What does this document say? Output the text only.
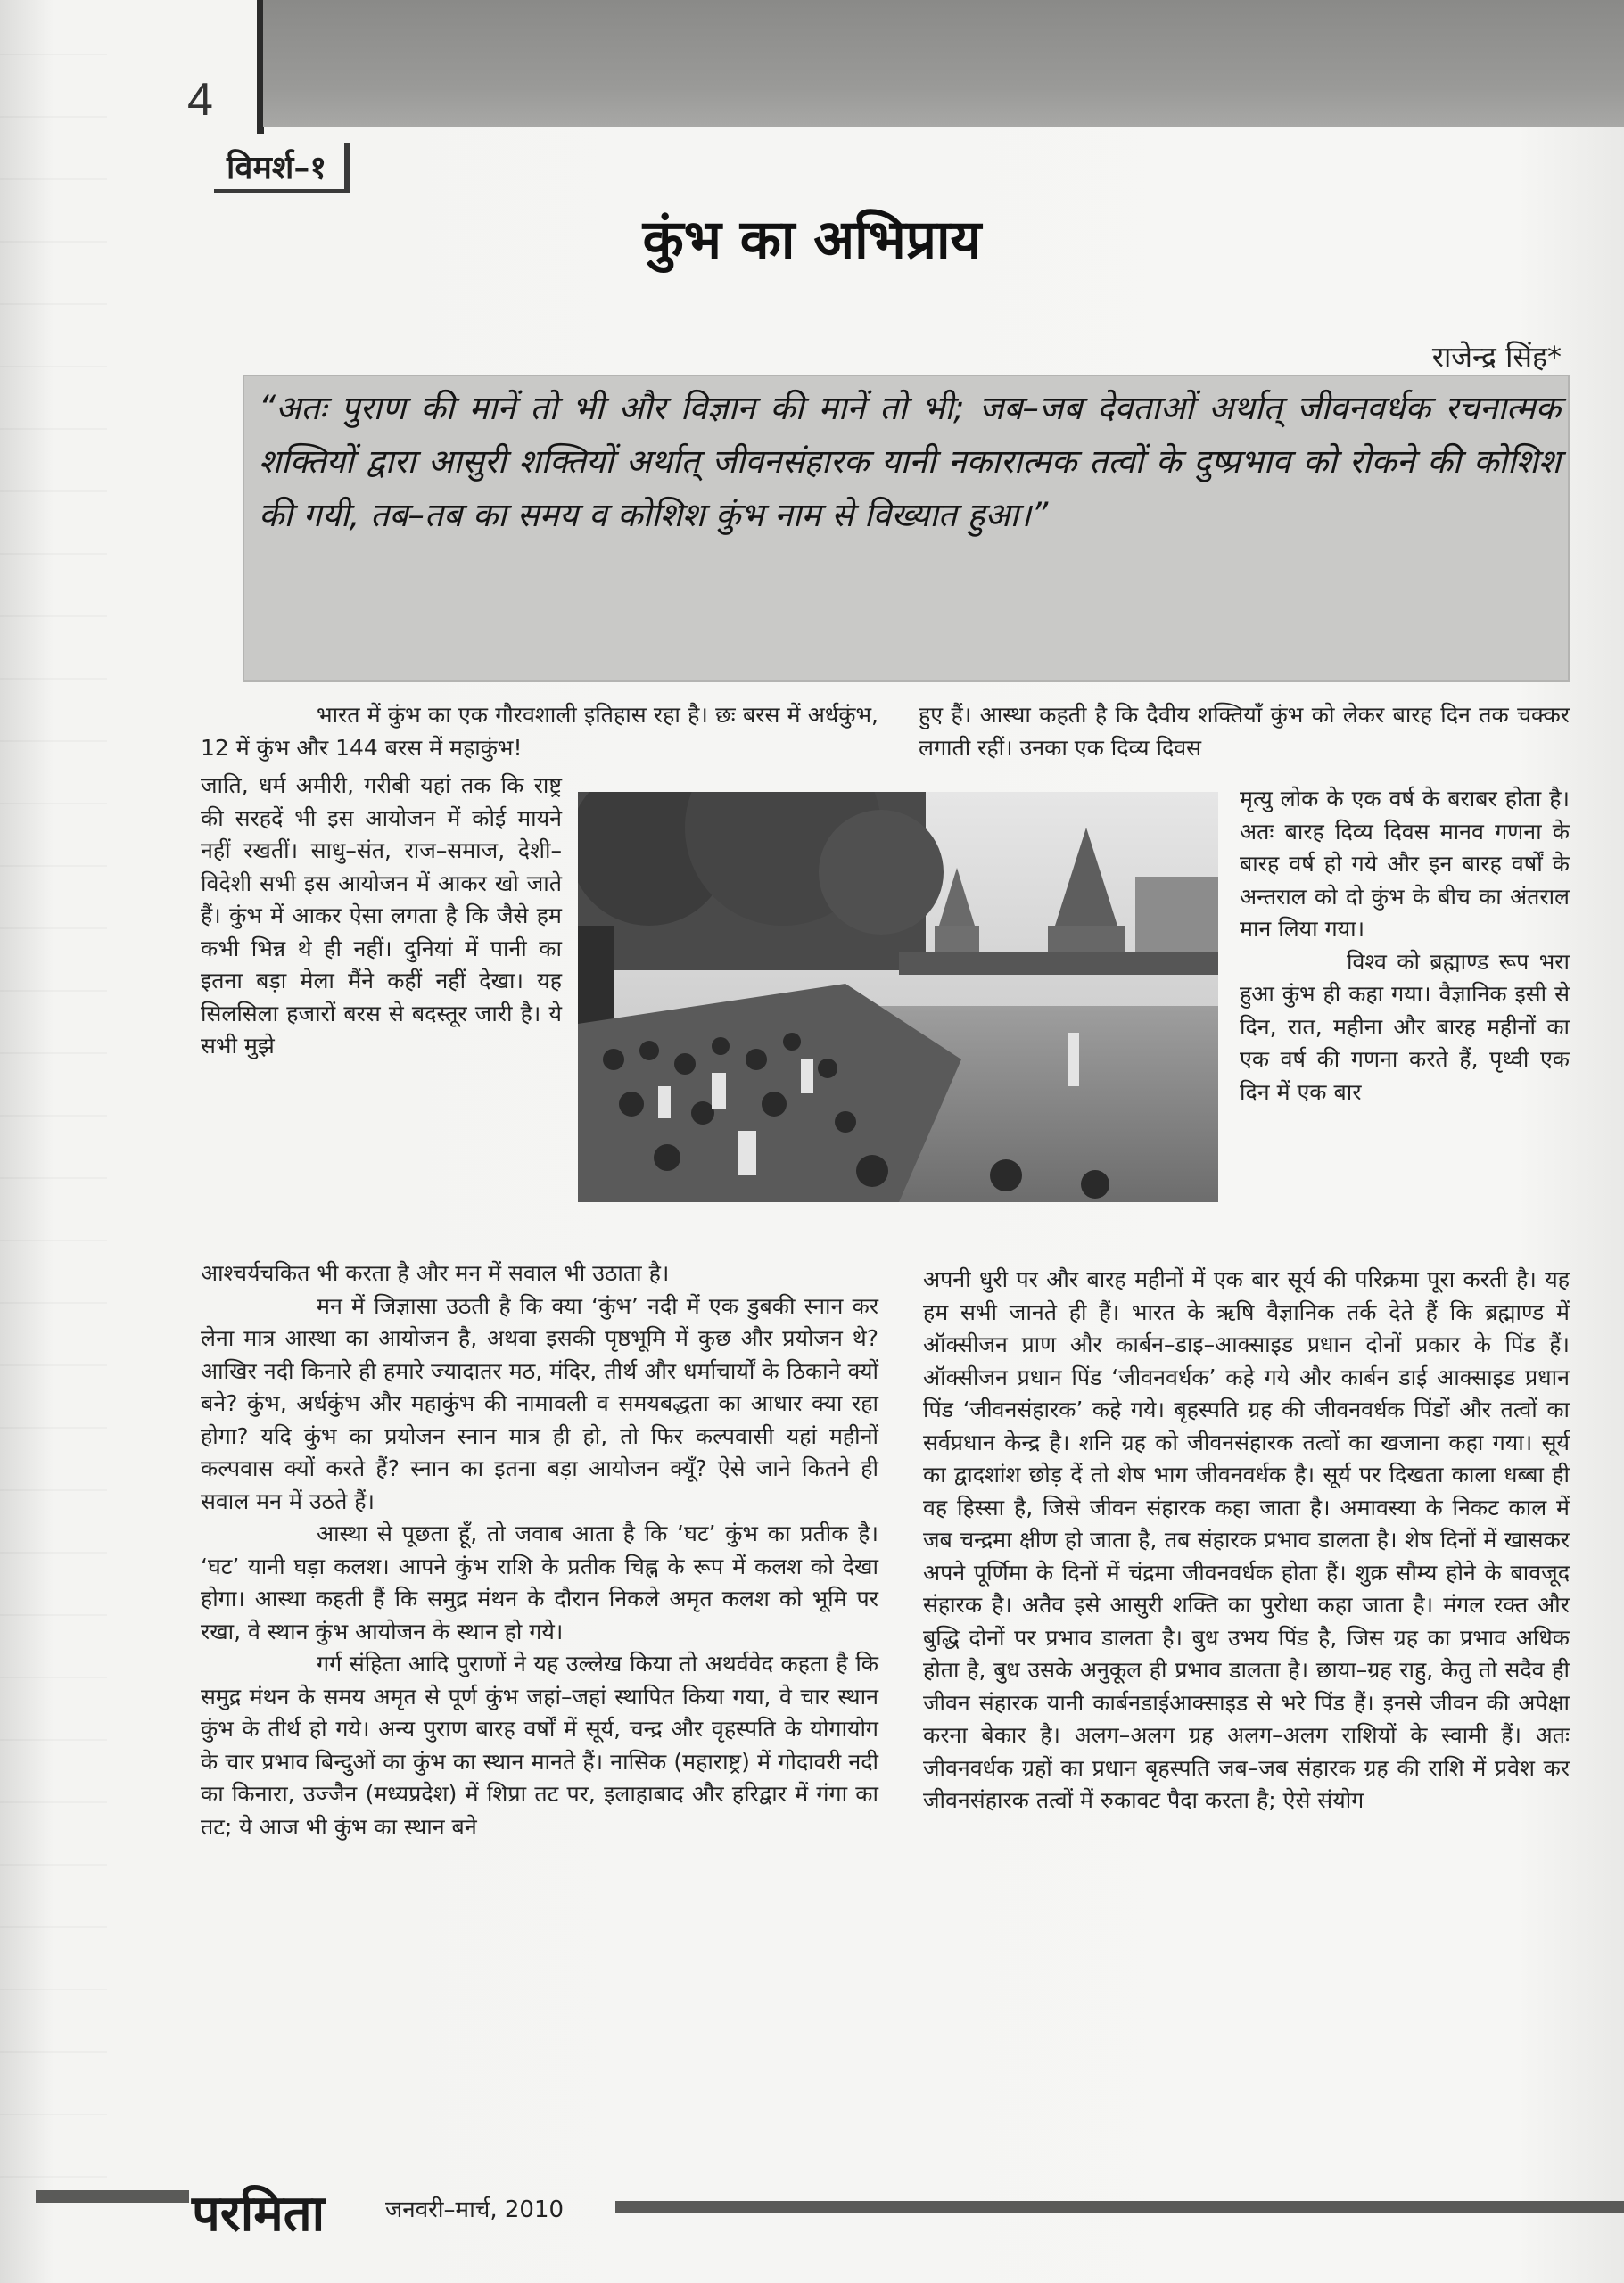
4
विमर्श–१
कुंभ का अभिप्राय
राजेन्द्र सिंह*
“अतः पुराण की मानें तो भी और विज्ञान की मानें तो भी; जब–जब देवताओं अर्थात् जीवनवर्धक रचनात्मक शक्तियों द्वारा आसुरी शक्तियों अर्थात् जीवनसंहारक यानी नकारात्मक तत्वों के दुष्प्रभाव को रोकने की कोशिश की गयी, तब–तब का समय व कोशिश कुंभ नाम से विख्यात हुआ।”

भारत में कुंभ का एक गौरवशाली इतिहास रहा है। छः बरस में अर्धकुंभ, 12 में कुंभ और 144 बरस में महाकुंभ!

जाति, धर्म अमीरी, गरीबी यहां तक कि राष्ट्र की सरहदें भी इस आयोजन में कोई मायने नहीं रखतीं। साधु–संत, राज–समाज, देशी–विदेशी सभी इस आयोजन में आकर खो जाते हैं। कुंभ में आकर ऐसा लगता है कि जैसे हम कभी भिन्न थे ही नहीं। दुनियां में पानी का इतना बड़ा मेला मैंने कहीं नहीं देखा। यह सिलसिला हजारों बरस से बदस्तूर जारी है। ये सभी मुझे

आश्चर्यचकित भी करता है और मन में सवाल भी उठाता है।

मन में जिज्ञासा उठती है कि क्या ‘कुंभ’ नदी में एक डुबकी स्नान कर लेना मात्र आस्था का आयोजन है, अथवा इसकी पृष्ठभूमि में कुछ और प्रयोजन थे? आखिर नदी किनारे ही हमारे ज्यादातर मठ, मंदिर, तीर्थ और धर्माचार्यों के ठिकाने क्यों बने? कुंभ, अर्धकुंभ और महाकुंभ की नामावली व समयबद्धता का आधार क्या रहा होगा? यदि कुंभ का प्रयोजन स्नान मात्र ही हो, तो फिर कल्पवासी यहां महीनों कल्पवास क्यों करते हैं? स्नान का इतना बड़ा आयोजन क्यूँ? ऐसे जाने कितने ही सवाल मन में उठते हैं।

आस्था से पूछता हूँ, तो जवाब आता है कि ‘घट’ कुंभ का प्रतीक है। ‘घट’ यानी घड़ा कलश। आपने कुंभ राशि के प्रतीक चिह्न के रूप में कलश को देखा होगा। आस्था कहती हैं कि समुद्र मंथन के दौरान निकले अमृत कलश को भूमि पर रखा, वे स्थान कुंभ आयोजन के स्थान हो गये।

गर्ग संहिता आदि पुराणों ने यह उल्लेख किया तो अथर्ववेद कहता है कि समुद्र मंथन के समय अमृत से पूर्ण कुंभ जहां–जहां स्थापित किया गया, वे चार स्थान कुंभ के तीर्थ हो गये। अन्य पुराण बारह वर्षों में सूर्य, चन्द्र और वृहस्पति के योगायोग के चार प्रभाव बिन्दुओं का कुंभ का स्थान मानते हैं। नासिक (महाराष्ट्र) में गोदावरी नदी का किनारा, उज्जैन (मध्यप्रदेश) में शिप्रा तट पर, इलाहाबाद और हरिद्वार में गंगा का तट; ये आज भी कुंभ का स्थान बने

हुए हैं। आस्था कहती है कि दैवीय शक्तियाँ कुंभ को लेकर बारह दिन तक चक्कर लगाती रहीं। उनका एक दिव्य दिवस

मृत्यु लोक के एक वर्ष के बराबर होता है। अतः बारह दिव्य दिवस मानव गणना के बारह वर्ष हो गये और इन बारह वर्षों के अन्तराल को दो कुंभ के बीच का अंतराल मान लिया गया।

विश्व को ब्रह्माण्ड रूप भरा हुआ कुंभ ही कहा गया। वैज्ञानिक इसी से दिन, रात, महीना और बारह महीनों का एक वर्ष की गणना करते हैं, पृथ्वी एक दिन में एक बार

अपनी धुरी पर और बारह महीनों में एक बार सूर्य की परिक्रमा पूरा करती है। यह हम सभी जानते ही हैं। भारत के ऋषि वैज्ञानिक तर्क देते हैं कि ब्रह्माण्ड में ऑक्सीजन प्राण और कार्बन–डाइ–आक्साइड प्रधान दोनों प्रकार के पिंड हैं। ऑक्सीजन प्रधान पिंड ‘जीवनवर्धक’ कहे गये और कार्बन डाई आक्साइड प्रधान पिंड ‘जीवनसंहारक’ कहे गये। बृहस्पति ग्रह की जीवनवर्धक पिंडों और तत्वों का सर्वप्रधान केन्द्र है। शनि ग्रह को जीवनसंहारक तत्वों का खजाना कहा गया। सूर्य का द्वादशांश छोड़ दें तो शेष भाग जीवनवर्धक है। सूर्य पर दिखता काला धब्बा ही वह हिस्सा है, जिसे जीवन संहारक कहा जाता है। अमावस्या के निकट काल में जब चन्द्रमा क्षीण हो जाता है, तब संहारक प्रभाव डालता है। शेष दिनों में खासकर अपने पूर्णिमा के दिनों में चंद्रमा जीवनवर्धक होता हैं। शुक्र सौम्य होने के बावजूद संहारक है। अतैव इसे आसुरी शक्ति का पुरोधा कहा जाता है। मंगल रक्त और बुद्धि दोनों पर प्रभाव डालता है। बुध उभय पिंड है, जिस ग्रह का प्रभाव अधिक होता है, बुध उसके अनुकूल ही प्रभाव डालता है। छाया–ग्रह राहु, केतु तो सदैव ही जीवन संहारक यानी कार्बनडाईआक्साइड से भरे पिंड हैं। इनसे जीवन की अपेक्षा करना बेकार है। अलग–अलग ग्रह अलग–अलग राशियों के स्वामी हैं। अतः जीवनवर्धक ग्रहों का प्रधान बृहस्पति जब–जब संहारक ग्रह की राशि में प्रवेश कर जीवनसंहारक तत्वों में रुकावट पैदा करता है; ऐसे संयोग

परमिता	जनवरी–मार्च, 2010
